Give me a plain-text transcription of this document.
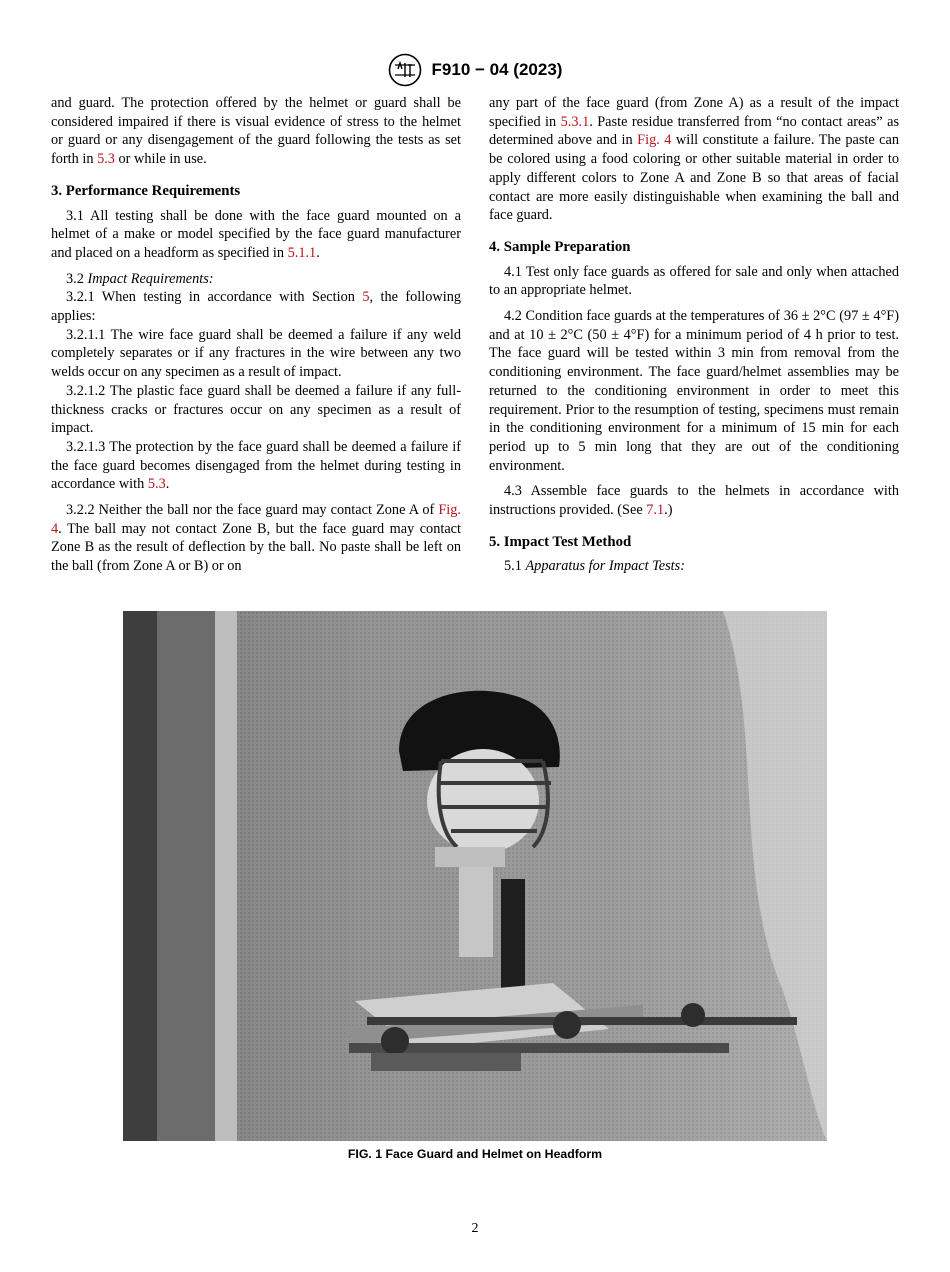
F910 − 04 (2023)

and guard. The protection offered by the helmet or guard shall be considered impaired if there is visual evidence of stress to the helmet or guard or any disengagement of the guard following the tests as set forth in 5.3 or while in use.

3. Performance Requirements

3.1 All testing shall be done with the face guard mounted on a helmet of a make or model specified by the face guard manufacturer and placed on a headform as specified in 5.1.1.

3.2 Impact Requirements:

3.2.1 When testing in accordance with Section 5, the following applies:

3.2.1.1 The wire face guard shall be deemed a failure if any weld completely separates or if any fractures in the wire between any two welds occur on any specimen as a result of impact.

3.2.1.2 The plastic face guard shall be deemed a failure if any full-thickness cracks or fractures occur on any specimen as a result of impact.

3.2.1.3 The protection by the face guard shall be deemed a failure if the face guard becomes disengaged from the helmet during testing in accordance with 5.3.

3.2.2 Neither the ball nor the face guard may contact Zone A of Fig. 4. The ball may not contact Zone B, but the face guard may contact Zone B as the result of deflection by the ball. No paste shall be left on the ball (from Zone A or B) or on

any part of the face guard (from Zone A) as a result of the impact specified in 5.3.1. Paste residue transferred from “no contact areas” as determined above and in Fig. 4 will constitute a failure. The paste can be colored using a food coloring or other suitable material in order to apply different colors to Zone A and Zone B so that areas of facial contact are more easily distinguishable when examining the ball and face guard.

4. Sample Preparation

4.1 Test only face guards as offered for sale and only when attached to an appropriate helmet.

4.2 Condition face guards at the temperatures of 36 ± 2°C (97 ± 4°F) and at 10 ± 2°C (50 ± 4°F) for a minimum period of 4 h prior to test. The face guard will be tested within 3 min from removal from the conditioning environment. The face guard/helmet assemblies may be returned to the conditioning environment in order to meet this requirement. Prior to the resumption of testing, specimens must remain in the conditioning environment for a minimum of 15 min for each period up to 5 min long that they are out of the conditioning environment.

4.3 Assemble face guards to the helmets in accordance with instructions provided. (See 7.1.)

5. Impact Test Method

5.1 Apparatus for Impact Tests:

FIG. 1 Face Guard and Helmet on Headform
2
